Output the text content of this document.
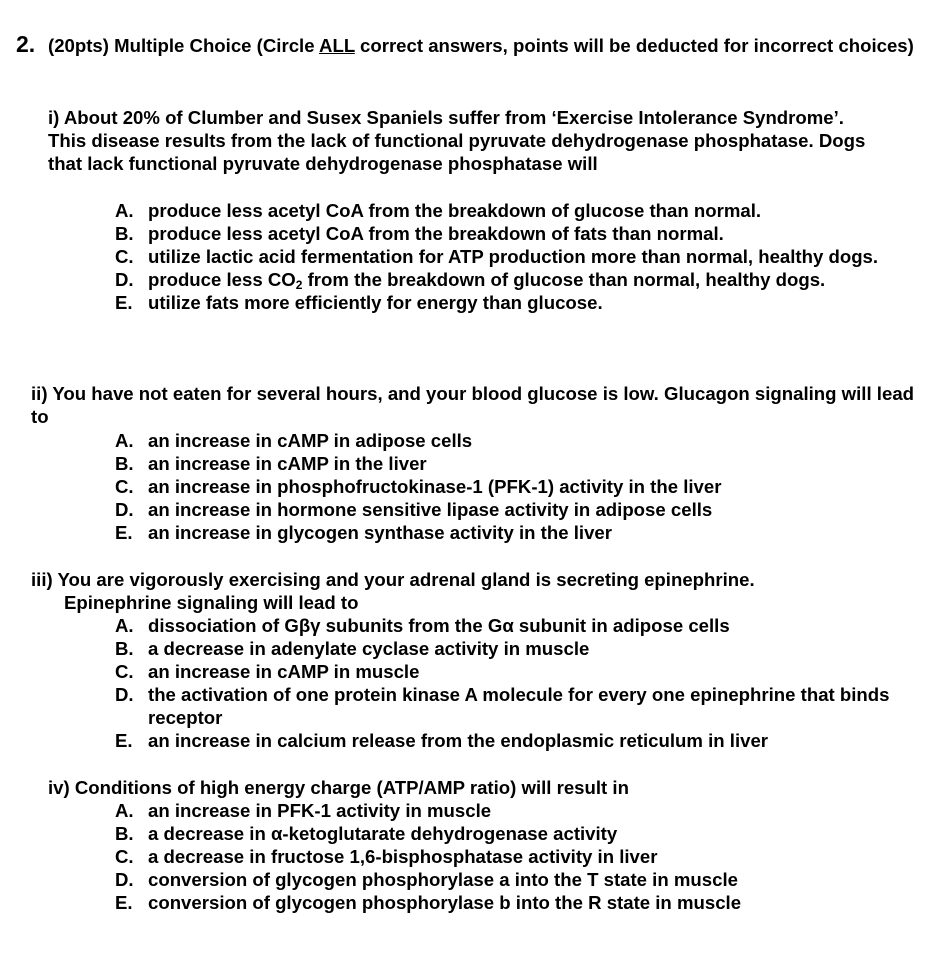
2. (20pts) Multiple Choice (Circle ALL correct answers, points will be deducted for incorrect choices)

i) About 20% of Clumber and Susex Spaniels suffer from ‘Exercise Intolerance Syndrome’. This disease results from the lack of functional pyruvate dehydrogenase phosphatase. Dogs that lack functional pyruvate dehydrogenase phosphatase will

A. produce less acetyl CoA from the breakdown of glucose than normal.
B. produce less acetyl CoA from the breakdown of fats than normal.
C. utilize lactic acid fermentation for ATP production more than normal, healthy dogs.
D. produce less $CO_2$ from the breakdown of glucose than normal, healthy dogs.
E. utilize fats more efficiently for energy than glucose.

ii) You have not eaten for several hours, and your blood glucose is low. Glucagon signaling will lead to

A. an increase in cAMP in adipose cells
B. an increase in cAMP in the liver
C. an increase in phosphofructokinase-1 (PFK-1) activity in the liver
D. an increase in hormone sensitive lipase activity in adipose cells
E. an increase in glycogen synthase activity in the liver

iii) You are vigorously exercising and your adrenal gland is secreting epinephrine.
Epinephrine signaling will lead to

A. dissociation of Gβγ subunits from the Gα subunit in adipose cells
B. a decrease in adenylate cyclase activity in muscle
C. an increase in cAMP in muscle
D. the activation of one protein kinase A molecule for every one epinephrine that binds receptor
E. an increase in calcium release from the endoplasmic reticulum in liver

iv) Conditions of high energy charge (ATP/AMP ratio) will result in

A. an increase in PFK-1 activity in muscle
B. a decrease in α-ketoglutarate dehydrogenase activity
C. a decrease in fructose 1,6-bisphosphatase activity in liver
D. conversion of glycogen phosphorylase a into the T state in muscle
E. conversion of glycogen phosphorylase b into the R state in muscle
